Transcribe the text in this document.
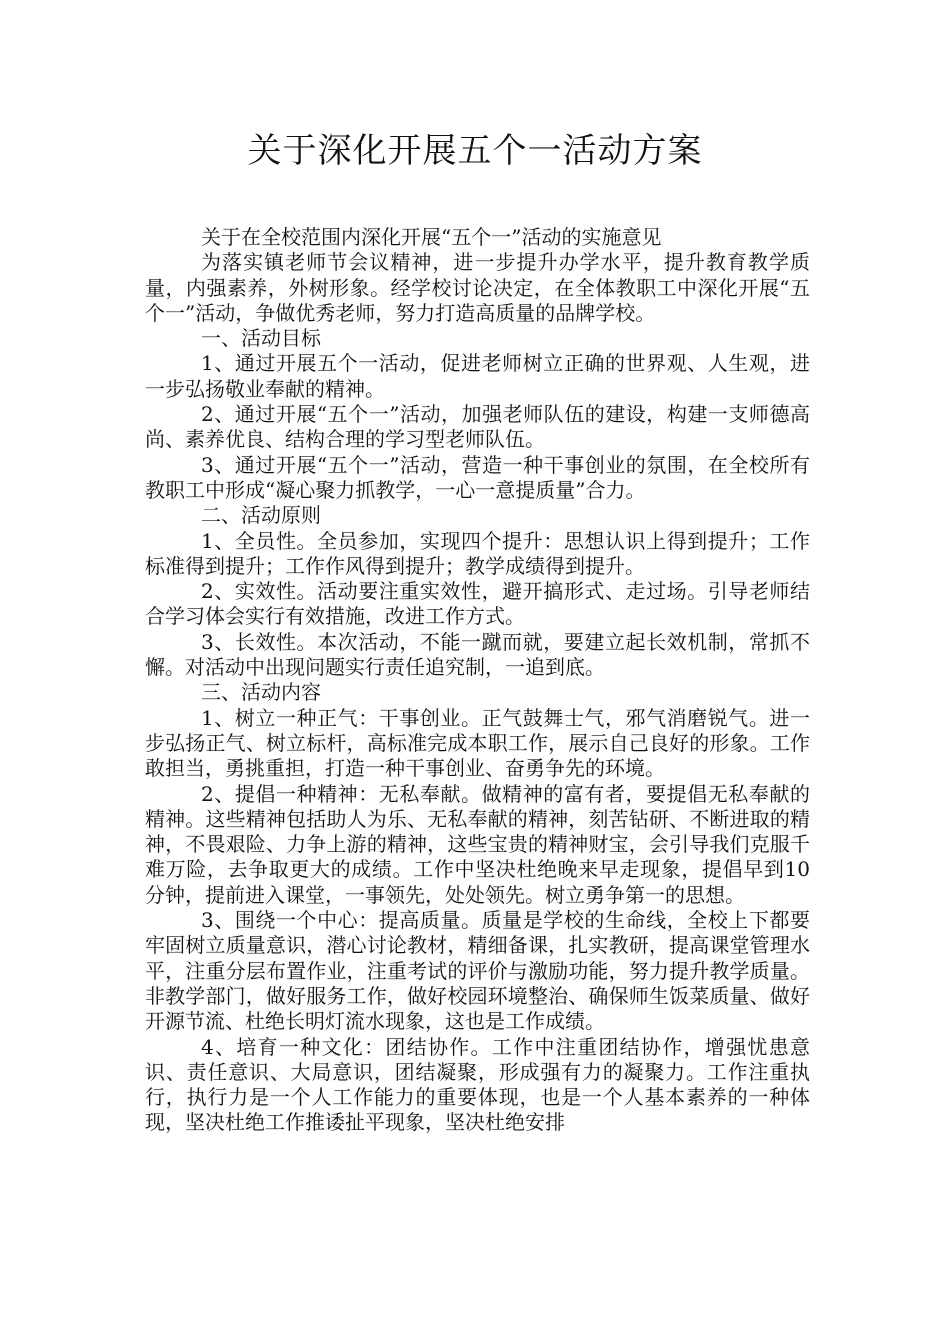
关于深化开展五个一活动方案

关于在全校范围内深化开展“五个一”活动的实施意见

为落实镇老师节会议精神，进一步提升办学水平，提升教育教学质量，内强素养，外树形象。经学校讨论决定，在全体教职工中深化开展“五个一”活动，争做优秀老师，努力打造高质量的品牌学校。

一、活动目标

1、通过开展五个一活动，促进老师树立正确的世界观、人生观，进一步弘扬敬业奉献的精神。

2、通过开展“五个一”活动，加强老师队伍的建设，构建一支师德高尚、素养优良、结构合理的学习型老师队伍。

3、通过开展“五个一”活动，营造一种干事创业的氛围，在全校所有教职工中形成“凝心聚力抓教学，一心一意提质量”合力。

二、活动原则

1、全员性。全员参加，实现四个提升：思想认识上得到提升；工作标准得到提升；工作作风得到提升；教学成绩得到提升。

2、实效性。活动要注重实效性，避开搞形式、走过场。引导老师结合学习体会实行有效措施，改进工作方式。

3、长效性。本次活动，不能一蹴而就，要建立起长效机制，常抓不懈。对活动中出现问题实行责任追究制，一追到底。

三、活动内容

1、树立一种正气：干事创业。正气鼓舞士气，邪气消磨锐气。进一步弘扬正气、树立标杆，高标准完成本职工作，展示自己良好的形象。工作敢担当，勇挑重担，打造一种干事创业、奋勇争先的环境。

2、提倡一种精神：无私奉献。做精神的富有者，要提倡无私奉献的精神。这些精神包括助人为乐、无私奉献的精神，刻苦钻研、不断进取的精神，不畏艰险、力争上游的精神，这些宝贵的精神财宝，会引导我们克服千难万险，去争取更大的成绩。工作中坚决杜绝晚来早走现象，提倡早到10分钟，提前进入课堂，一事领先，处处领先。树立勇争第一的思想。

3、围绕一个中心：提高质量。质量是学校的生命线，全校上下都要牢固树立质量意识，潜心讨论教材，精细备课，扎实教研，提高课堂管理水平，注重分层布置作业，注重考试的评价与激励功能，努力提升教学质量。非教学部门，做好服务工作，做好校园环境整治、确保师生饭菜质量、做好开源节流、杜绝长明灯流水现象，这也是工作成绩。

4、培育一种文化：团结协作。工作中注重团结协作，增强忧患意识、责任意识、大局意识，团结凝聚，形成强有力的凝聚力。工作注重执行，执行力是一个人工作能力的重要体现，也是一个人基本素养的一种体现，坚决杜绝工作推诿扯平现象，坚决杜绝安排
